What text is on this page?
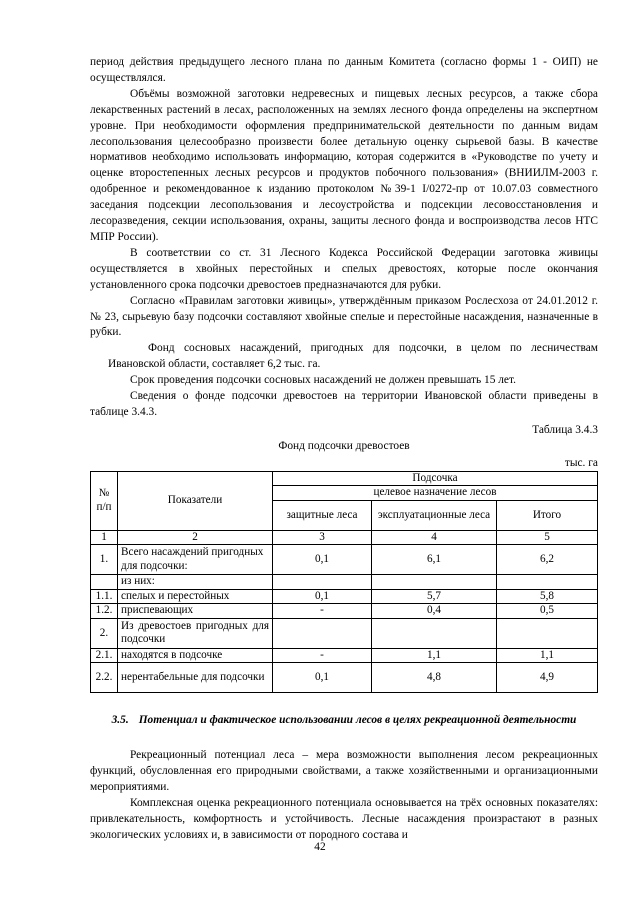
период действия предыдущего лесного плана по данным Комитета (согласно формы 1 - ОИП) не осуществлялся.

Объёмы возможной заготовки недревесных и пищевых лесных ресурсов, а также сбора лекарственных растений в лесах, расположенных на землях лесного фонда определены на экспертном уровне. При необходимости оформления предпринимательской деятельности по данным видам лесопользования целесообразно произвести более детальную оценку сырьевой базы. В качестве нормативов необходимо использовать информацию, которая содержится в «Руководстве по учету и оценке второстепенных лесных ресурсов и продуктов побочного пользования» (ВНИИЛМ-2003 г. одобренное и рекомендованное к изданию протоколом №39-1 I/0272-пр от 10.07.03 совместного заседания подсекции лесопользования и лесоустройства и подсекции лесовосстановления и лесоразведения, секции использования, охраны, защиты лесного фонда и воспроизводства лесов НТС МПР России).

В соответствии со ст. 31 Лесного Кодекса Российской Федерации заготовка живицы осуществляется в хвойных перестойных и спелых древостоях, которые после окончания установленного срока подсочки древостоев предназначаются для рубки.

Согласно «Правилам заготовки живицы», утверждённым приказом Рослесхоза от 24.01.2012 г. № 23, сырьевую базу подсочки составляют хвойные спелые и перестойные насаждения, назначенные в рубки.

Фонд сосновых насаждений, пригодных для подсочки, в целом по лесничествам Ивановской области, составляет 6,2 тыс. га.

Срок проведения подсочки сосновых насаждений не должен превышать 15 лет.

Сведения о фонде подсочки древостоев на территории Ивановской области приведены в таблице 3.4.3.

Таблица 3.4.3
Фонд подсочки древостоев
тыс. га
№ п/п	Показатели	Подсочка		
		целевое назначение лесов		
		защитные леса	эксплуатационные леса	Итого
1	2	3	4	5
1.	Всего насаждений пригодных для подсочки:	0,1	6,1	6,2
	из них:			
1.1.	спелых и перестойных	0,1	5,7	5,8
1.2.	приспевающих	-	0,4	0,5
2.	Из древостоев пригодных для подсочки			
2.1.	находятся в подсочке	-	1,1	1,1
2.2.	нерентабельные для подсочки	0,1	4,8	4,9
3.5. Потенциал и фактическое использовании лесов в целях рекреационной деятельности

Рекреационный потенциал леса – мера возможности выполнения лесом рекреационных функций, обусловленная его природными свойствами, а также хозяйственными и организационными мероприятиями.

Комплексная оценка рекреационного потенциала основывается на трёх основных показателях: привлекательность, комфортность и устойчивость. Лесные насаждения произрастают в разных экологических условиях и, в зависимости от породного состава и

42
